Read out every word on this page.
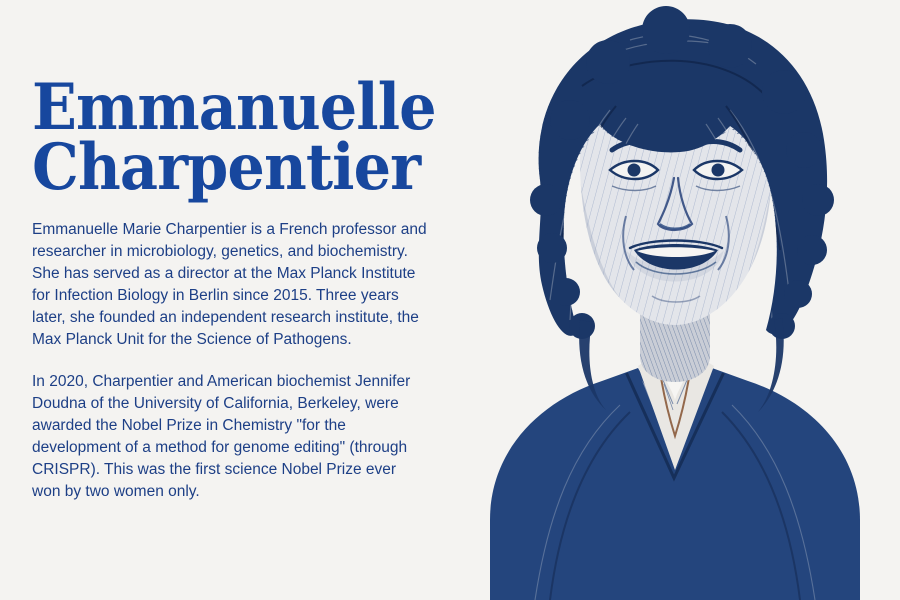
Emmanuelle
Charpentier

Emmanuelle Marie Charpentier is a French professor and researcher in microbiology, genetics, and biochemistry. She has served as a director at the Max Planck Institute for Infection Biology in Berlin since 2015. Three years later, she founded an independent research institute, the Max Planck Unit for the Science of Pathogens.

In 2020, Charpentier and American biochemist Jennifer Doudna of the University of California, Berkeley, were awarded the Nobel Prize in Chemistry "for the development of a method for genome editing" (through CRISPR). This was the first science Nobel Prize ever won by two women only.
